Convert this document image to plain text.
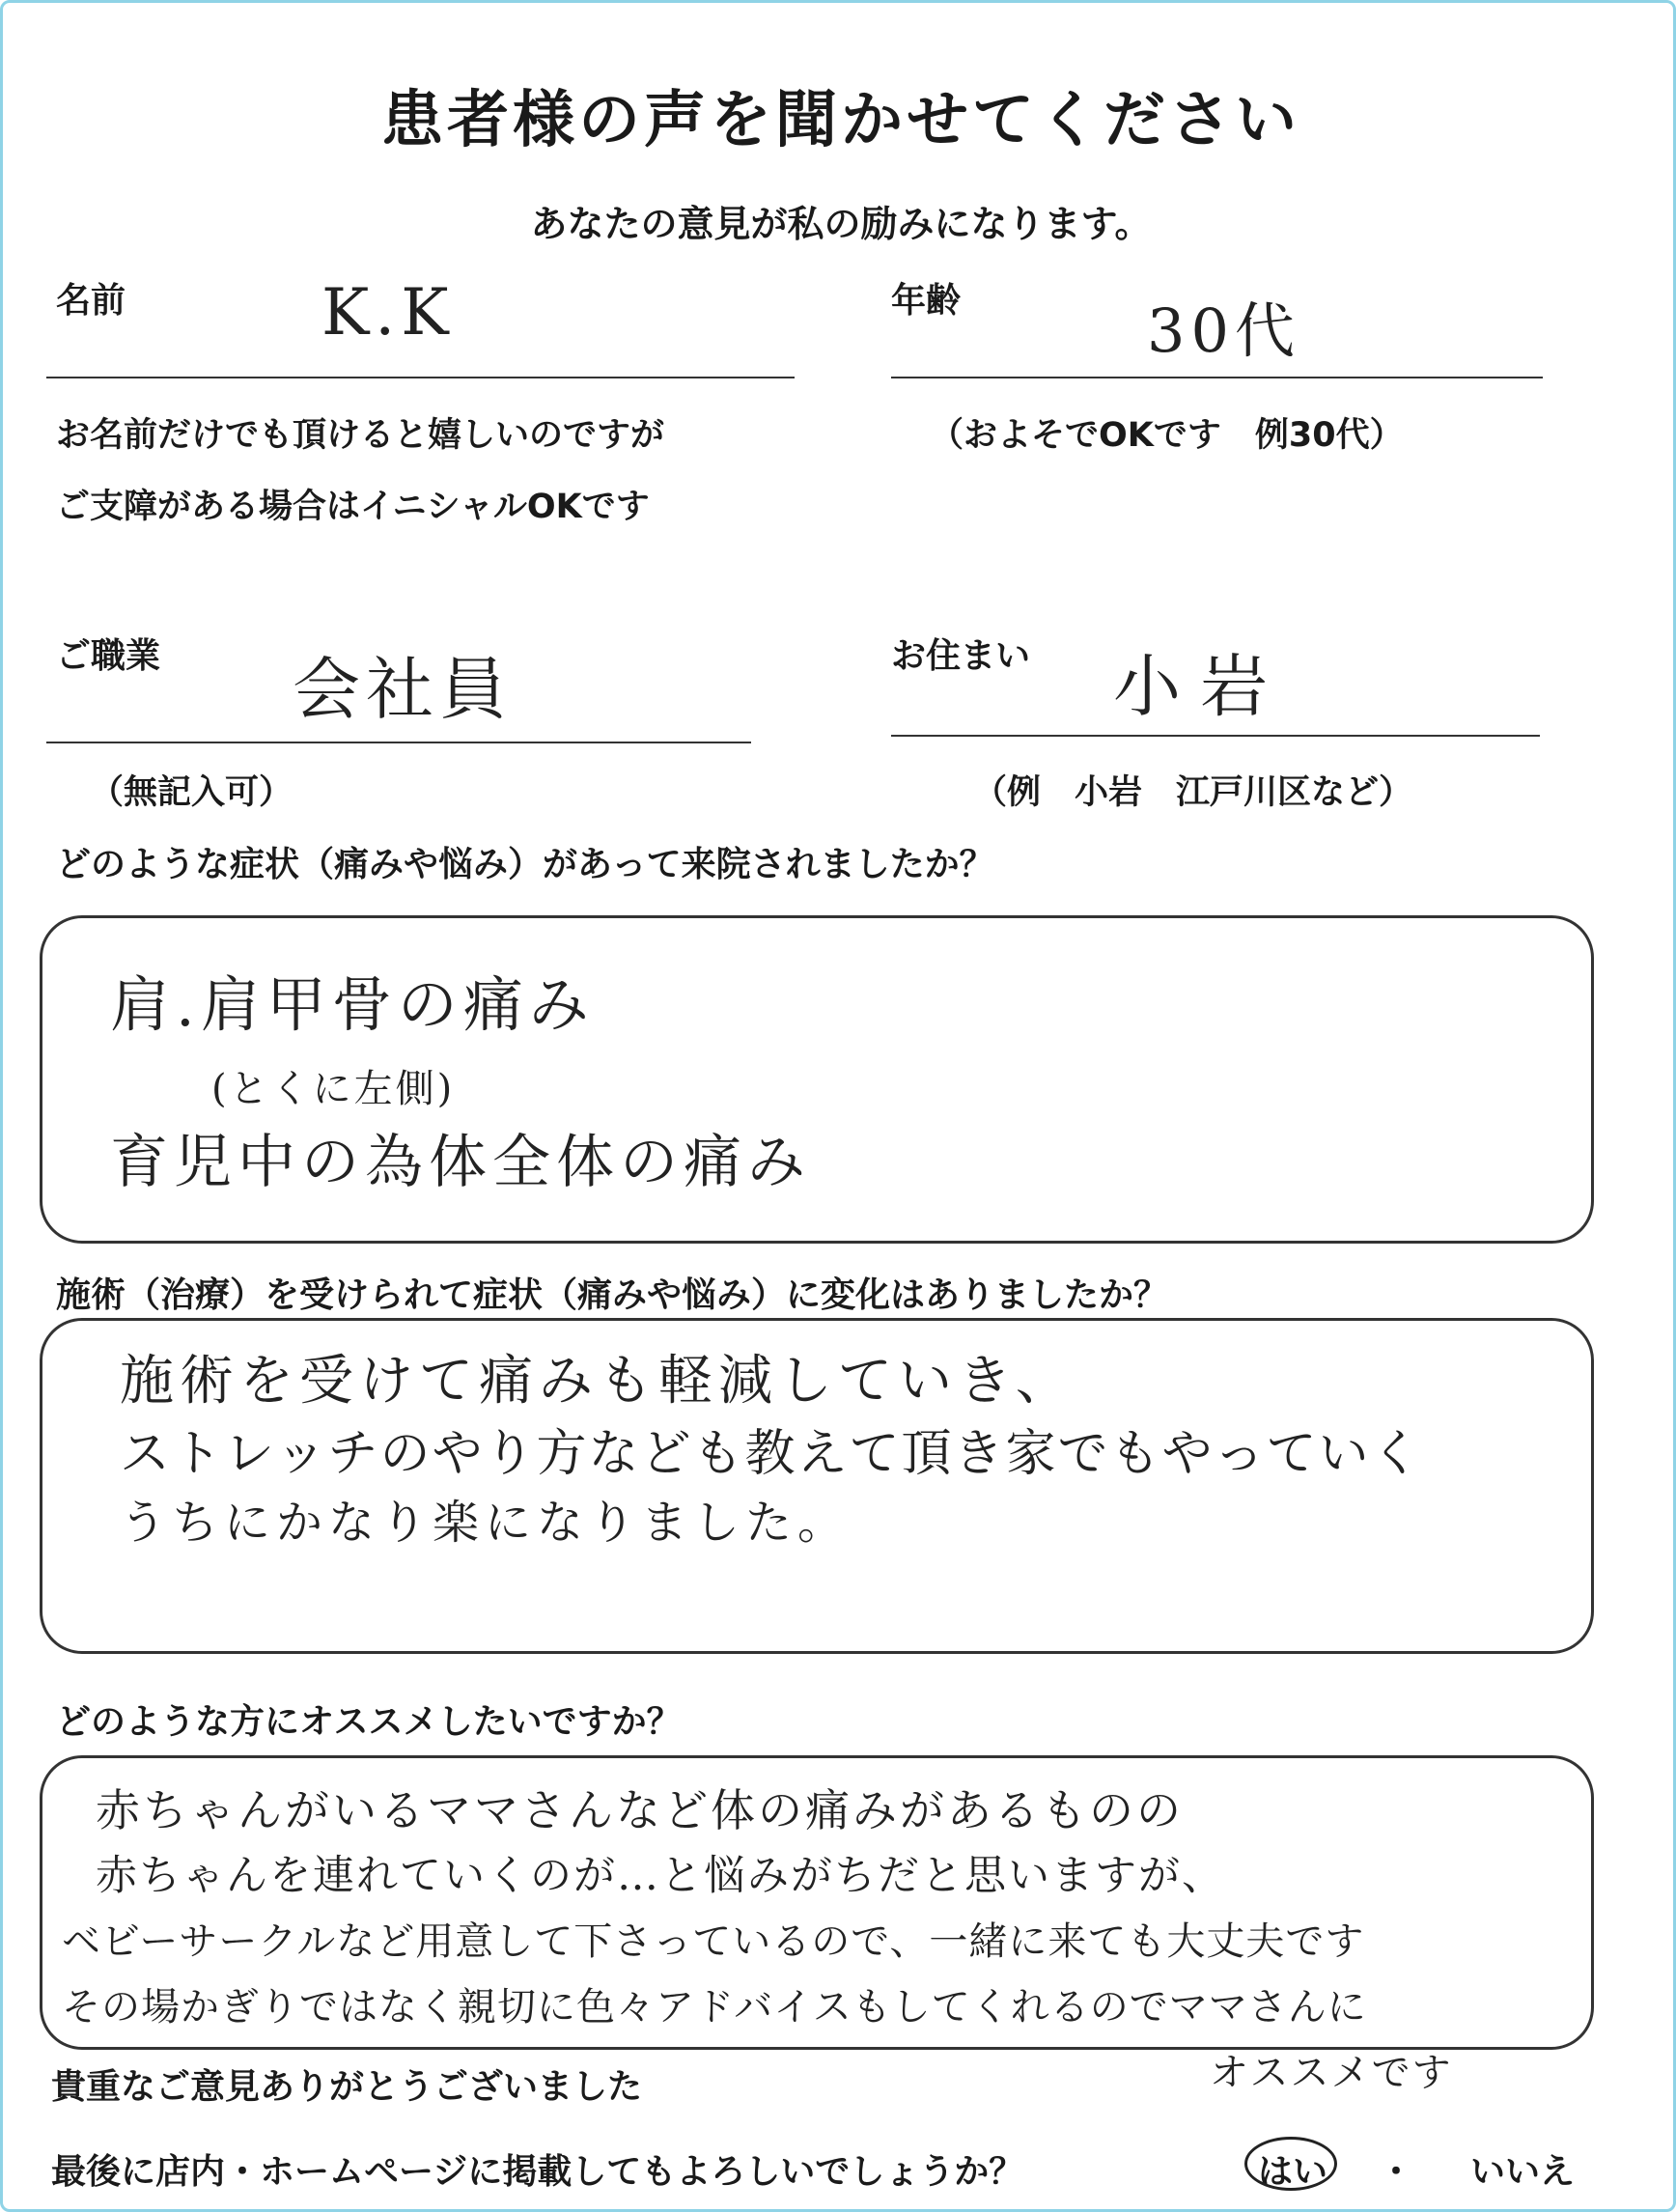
患者様の声を聞かせてください
あなたの意見が私の励みになります。
名前	K.K
お名前だけでも頂けると嬉しいのですが
ご支障がある場合はイニシャルOKです
年齢	30代
（およそでOKです　例30代）
ご職業 会社員
（無記入可）
お住まい 小岩
（例　小岩　江戸川区など）
どのような症状（痛みや悩み）があって来院されましたか？
肩.肩甲骨の痛み
(とくに左側)
育児中の為体全体の痛み
施術（治療）を受けられて症状（痛みや悩み）に変化はありましたか？
施術を受けて痛みも軽減していき、
ストレッチのやり方なども教えて頂き家でもやっていく
うちにかなり楽になりました。
どのような方にオススメしたいですか？
赤ちゃんがいるママさんなど体の痛みがあるものの
赤ちゃんを連れていくのが…と悩みがちだと思いますが、
ベビーサークルなど用意して下さっているので、一緒に来ても大丈夫です
その場かぎりではなく親切に色々アドバイスもしてくれるのでママさんに
オススメです
貴重なご意見ありがとうございました
最後に店内・ホームページに掲載してもよろしいでしょうか？	はい ・ いいえ
